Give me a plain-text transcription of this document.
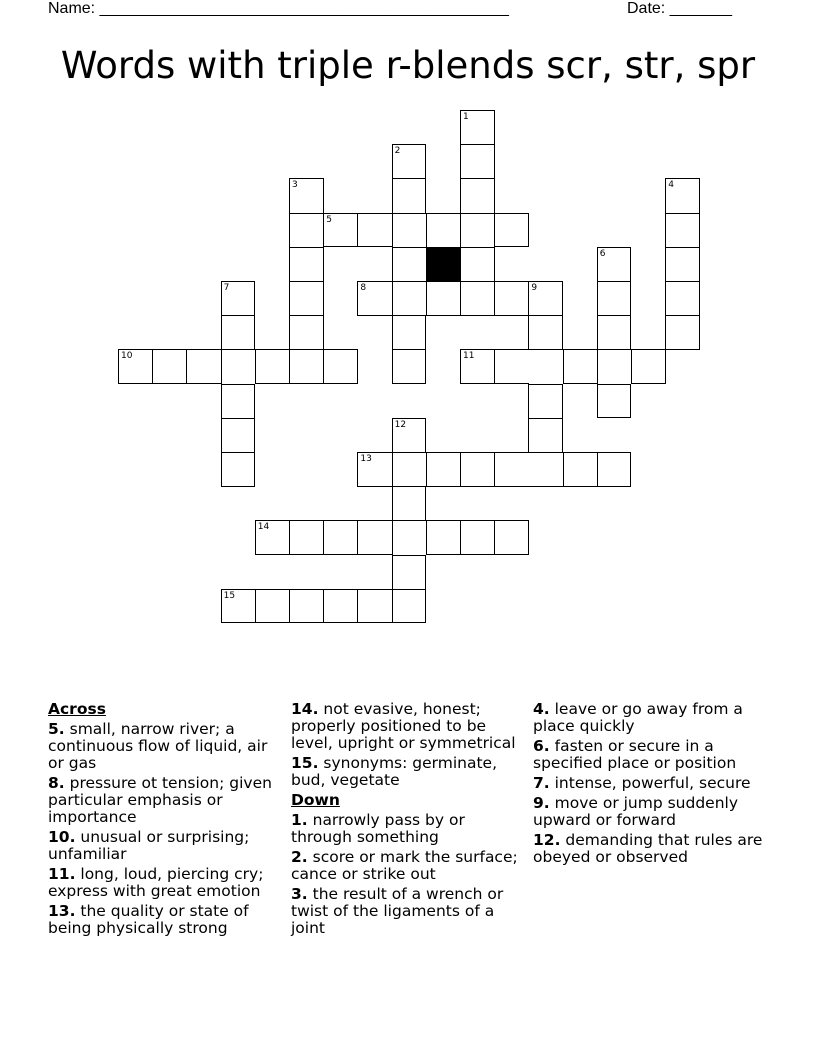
Name: ______________________________________________	Date: _______
Words with triple r-blends scr, str, spr
1
2
3	4
5
6
7	8	9
10	11
12
13
14
15
Across
5. small, narrow river; a continuous flow of liquid, air or gas
8. pressure ot tension; given particular emphasis or importance
10. unusual or surprising; unfamiliar
11. long, loud, piercing cry; express with great emotion
13. the quality or state of being physically strong
14. not evasive, honest; properly positioned to be level, upright or symmetrical
15. synonyms: germinate, bud, vegetate
Down
1. narrowly pass by or through something
2. score or mark the surface; cance or strike out
3. the result of a wrench or twist of the ligaments of a joint
4. leave or go away from a place quickly
6. fasten or secure in a specified place or position
7. intense, powerful, secure
9. move or jump suddenly upward or forward
12. demanding that rules are obeyed or observed
